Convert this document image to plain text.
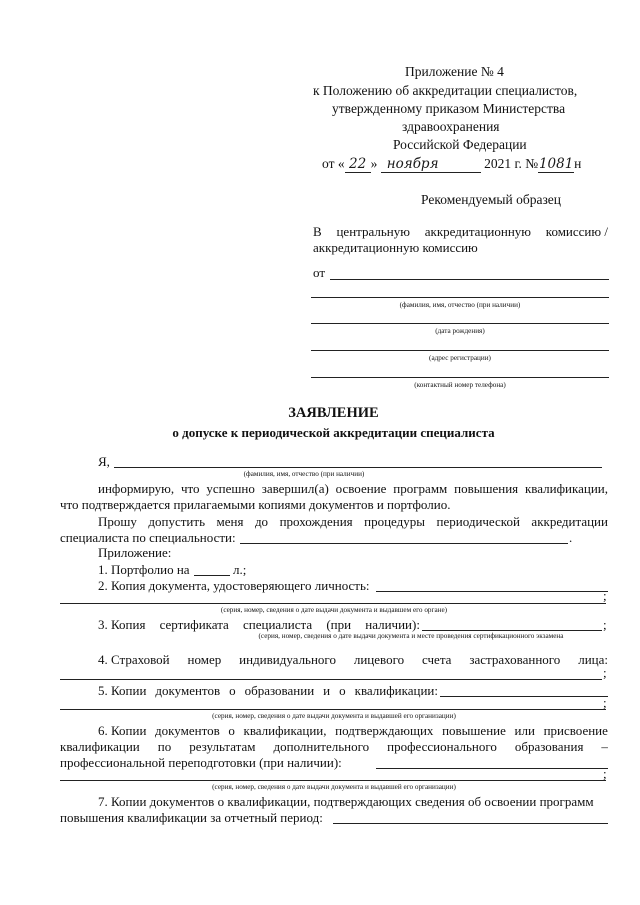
Приложение № 4
к Положению об аккредитации специалистов,
утвержденному приказом Министерства
здравоохранения
Российской Федерации
от « 22 » ноября	2021 г. №1081н
Рекомендуемый образец
В центральную аккредитационную комиссию /
аккредитационную комиссию
от
(фамилия, имя, отчество (при наличии)
(дата рождения)
(адрес регистрации)
(контактный номер телефона)
ЗАЯВЛЕНИЕ
о допуске к периодической аккредитации специалиста
Я,
(фамилия, имя, отчество (при наличии)
информирую, что успешно завершил(а) освоение программ повышения квалификации,
что подтверждается прилагаемыми копиями документов и портфолио.
Прошу допустить меня до прохождения процедуры периодической аккредитации
специалиста по специальности:	.
Приложение:
1. Портфолио на	л.;
2. Копия документа, удостоверяющего личность:
;
(серия, номер, сведения о дате выдачи документа и выдавшем его органе)
3. Копия сертификата специалиста (при наличии):	;
(серия, номер, сведения о дате выдачи документа и месте проведения сертификационного экзамена
4. Страховой номер индивидуального лицевого счета застрахованного лица:
;
5. Копии документов о образовании и о квалификации:
;
(серия, номер, сведения о дате выдачи документа и выдавшей его организации)
6. Копии документов о квалификации, подтверждающих повышение или присвоение
квалификации по результатам дополнительного профессионального образования –
профессиональной переподготовки (при наличии):
;
(серия, номер, сведения о дате выдачи документа и выдавшей его организации)
7. Копии документов о квалификации, подтверждающих сведения об освоении программ
повышения квалификации за отчетный период:
